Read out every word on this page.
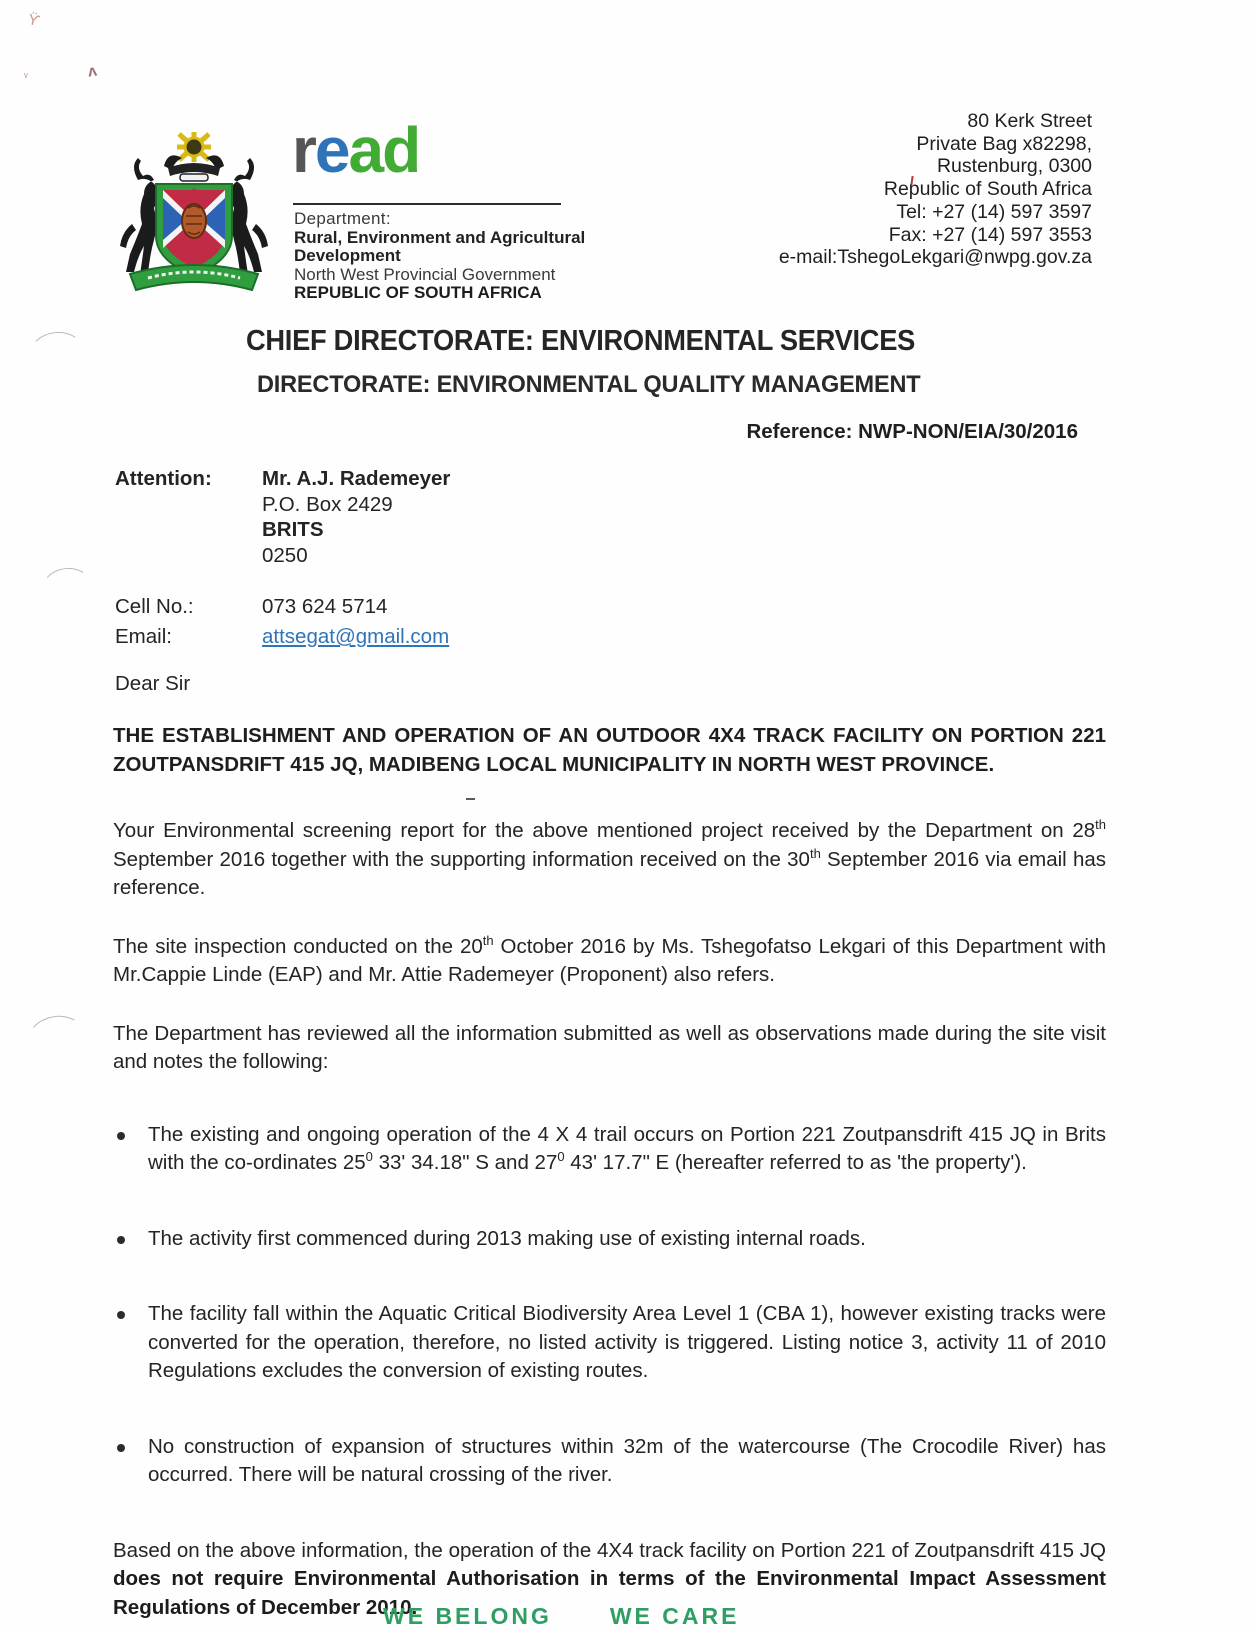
ϔ
ᵥ	ʌ
read
Department:
Rural, Environment and Agricultural
Development
North West Provincial Government
REPUBLIC OF SOUTH AFRICA
80 Kerk Street
Private Bag x82298,
Rustenburg, 0300
Republic of South Africa
Tel: +27 (14) 597 3597
Fax: +27 (14) 597 3553
e-mail:TshegoLekgari@nwpg.gov.za
CHIEF DIRECTORATE: ENVIRONMENTAL SERVICES
DIRECTORATE: ENVIRONMENTAL QUALITY MANAGEMENT
Reference: NWP-NON/EIA/30/2016
Attention:	Mr. A.J. Rademeyer
P.O. Box 2429
BRITS
0250
Cell No.:	073 624 5714
Email:	attsegat@gmail.com
Dear Sir

THE ESTABLISHMENT AND OPERATION OF AN OUTDOOR 4X4 TRACK FACILITY ON PORTION 221 ZOUTPANSDRIFT 415 JQ, MADIBENG LOCAL MUNICIPALITY IN NORTH WEST PROVINCE.

Your Environmental screening report for the above mentioned project received by the Department on 28th September 2016 together with the supporting information received on the 30th September 2016 via email has reference.

The site inspection conducted on the 20th October 2016 by Ms. Tshegofatso Lekgari of this Department with Mr.Cappie Linde (EAP) and Mr. Attie Rademeyer (Proponent) also refers.

The Department has reviewed all the information submitted as well as observations made during the site visit and notes the following:

The existing and ongoing operation of the 4 X 4 trail occurs on Portion 221 Zoutpansdrift 415 JQ in Brits with the co-ordinates $25^0$ 33' 34.18" S and $27^0$ 43' 17.7" E (hereafter referred to as 'the property').
The activity first commenced during 2013 making use of existing internal roads.
The facility fall within the Aquatic Critical Biodiversity Area Level 1 (CBA 1), however existing tracks were converted for the operation, therefore, no listed activity is triggered. Listing notice 3, activity 11 of 2010 Regulations excludes the conversion of existing routes.
No construction of expansion of structures within 32m of the watercourse (The Crocodile River) has occurred. There will be natural crossing of the river.

Based on the above information, the operation of the 4X4 track facility on Portion 221 of Zoutpansdrift 415 JQ does not require Environmental Authorisation in terms of the Environmental Impact Assessment Regulations of December 2010.

WE BELONG	WE CARE
